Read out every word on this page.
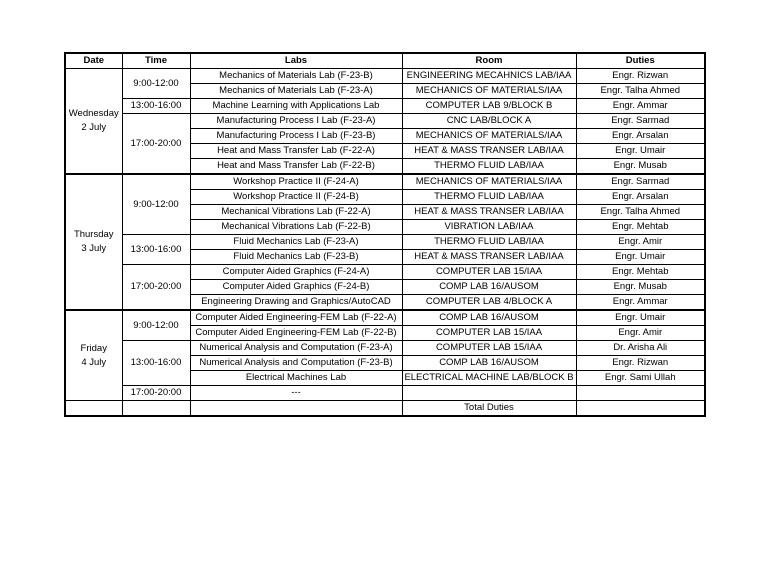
Date	Time	Labs	Room	Duties

Wednesday
2 July	9:00-12:00	Mechanics of Materials Lab (F-23-B)	ENGINEERING MECAHNICS LAB/IAA	Engr. Rizwan
		Mechanics of Materials Lab (F-23-A)	MECHANICS OF MATERIALS/IAA	Engr. Talha Ahmed
	13:00-16:00	Machine Learning with Applications Lab	COMPUTER LAB 9/BLOCK B	Engr. Ammar
	17:00-20:00	Manufacturing Process I Lab (F-23-A)	CNC LAB/BLOCK A	Engr. Sarmad
		Manufacturing Process I Lab (F-23-B)	MECHANICS OF MATERIALS/IAA	Engr. Arsalan
		Heat and Mass Transfer Lab (F-22-A)	HEAT & MASS TRANSER LAB/IAA	Engr. Umair
		Heat and Mass Transfer Lab (F-22-B)	THERMO FLUID LAB/IAA	Engr. Musab

Thursday
3 July	9:00-12:00	Workshop Practice II (F-24-A)	MECHANICS OF MATERIALS/IAA	Engr. Sarmad
		Workshop Practice II (F-24-B)	THERMO FLUID LAB/IAA	Engr. Arsalan
		Mechanical Vibrations Lab (F-22-A)	HEAT & MASS TRANSER LAB/IAA	Engr. Talha Ahmed
		Mechanical Vibrations Lab (F-22-B)	VIBRATION LAB/IAA	Engr. Mehtab
	13:00-16:00	Fluid Mechanics Lab (F-23-A)	THERMO FLUID LAB/IAA	Engr. Amir
		Fluid Mechanics Lab (F-23-B)	HEAT & MASS TRANSER LAB/IAA	Engr. Umair
	17:00-20:00	Computer Aided Graphics (F-24-A)	COMPUTER LAB 15/IAA	Engr. Mehtab
		Computer Aided Graphics (F-24-B)	COMP LAB 16/AUSOM	Engr. Musab
		Engineering Drawing and Graphics/AutoCAD	COMPUTER LAB 4/BLOCK A	Engr. Ammar

Friday
4 July	9:00-12:00	Computer Aided Engineering-FEM Lab (F-22-A)	COMP LAB 16/AUSOM	Engr. Umair
		Computer Aided Engineering-FEM Lab (F-22-B)	COMPUTER LAB 15/IAA	Engr. Amir
	13:00-16:00	Numerical Analysis and Computation (F-23-A)	COMPUTER LAB 15/IAA	Dr. Arisha Ali
		Numerical Analysis and Computation (F-23-B)	COMP LAB 16/AUSOM	Engr. Rizwan
		Electrical Machines Lab	ELECTRICAL MACHINE LAB/BLOCK B	Engr. Sami Ullah
	17:00-20:00	---		
			Total Duties	
